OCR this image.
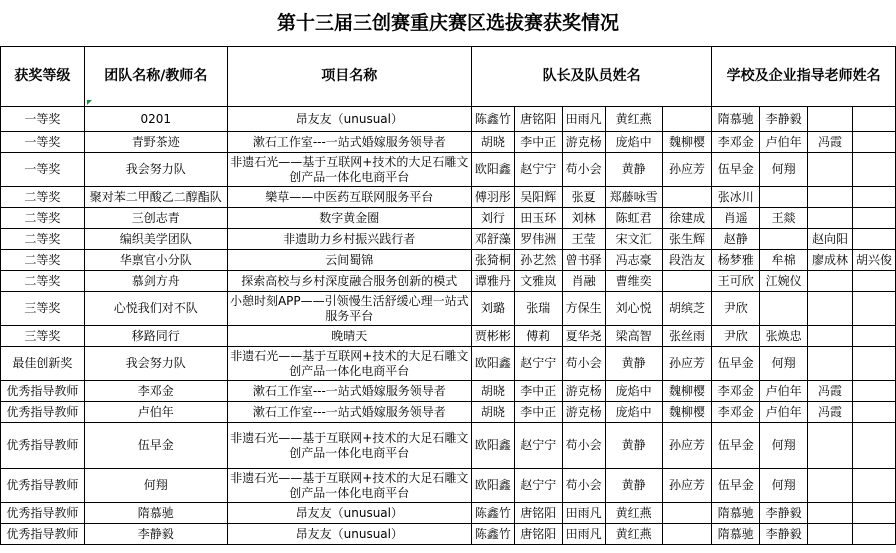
第十三届三创赛重庆赛区选拔赛获奖情况
获奖等级	团队名称/教师名	项目名称	队长及队员姓名					学校及企业指导老师姓名			
一等奖	0201	昂友友（unusual）	陈鑫竹	唐铭阳	田雨凡	黄红燕		隋慕驰	李静毅		
一等奖	青野茶迹	漱石工作室---一站式婚嫁服务领导者	胡晓	李中正	游克杨	庞焰中	魏柳樱	李邓金	卢伯年	冯霞	
一等奖	我会努力队	非遗石光——基于互联网+技术的大足石雕文创产品一体化电商平台	欧阳鑫	赵宁宁	苟小会	黄静	孙应芳	伍早金	何翔		
二等奖	聚对苯二甲酸乙二醇酯队	樂草——中医药互联网服务平台	傅羽彤	吴阳辉	张夏	郑藤咏雪		张冰川			
二等奖	三创志青	数字黄金圈	刘行	田玉环	刘林	陈虹君	徐建成	肖遥	王燚		
二等奖	编织美学团队	非遗助力乡村振兴践行者	邓舒藻	罗伟洲	王莹	宋文汇	张生辉	赵静		赵向阳	
二等奖	华禀官小分队	云间蜀锦	张猗桐	孙艺然	曾书驿	冯志豪	段浩友	杨梦雅	牟棉	廖成林	胡兴俊
二等奖	慕剑方舟	探索高校与乡村深度融合服务创新的模式	谭雅丹	文雅岚	肖融	曹维奕		王可欣	江婉仪		
三等奖	心悦我们对不队	小憩时刻APP——引领慢生活舒缓心理一站式服务平台	刘璐	张瑞	方保生	刘心悦	胡缤芝	尹欣			
三等奖	移路同行	晚晴天	贾彬彬	傅莉	夏华尧	梁高智	张丝雨	尹欣	张焕忠		
最佳创新奖	我会努力队	非遗石光——基于互联网+技术的大足石雕文创产品一体化电商平台	欧阳鑫	赵宁宁	苟小会	黄静	孙应芳	伍早金	何翔		
优秀指导教师	李邓金	漱石工作室---一站式婚嫁服务领导者	胡晓	李中正	游克杨	庞焰中	魏柳樱	李邓金	卢伯年	冯霞	
优秀指导教师	卢伯年	漱石工作室---一站式婚嫁服务领导者	胡晓	李中正	游克杨	庞焰中	魏柳樱	李邓金	卢伯年	冯霞	
优秀指导教师	伍早金	非遗石光——基于互联网+技术的大足石雕文创产品一体化电商平台	欧阳鑫	赵宁宁	苟小会	黄静	孙应芳	伍早金	何翔		
优秀指导教师	何翔	非遗石光——基于互联网+技术的大足石雕文创产品一体化电商平台	欧阳鑫	赵宁宁	苟小会	黄静	孙应芳	伍早金	何翔		
优秀指导教师	隋慕驰	昂友友（unusual）	陈鑫竹	唐铭阳	田雨凡	黄红燕		隋慕驰	李静毅		
优秀指导教师	李静毅	昂友友（unusual）	陈鑫竹	唐铭阳	田雨凡	黄红燕		隋慕驰	李静毅		
